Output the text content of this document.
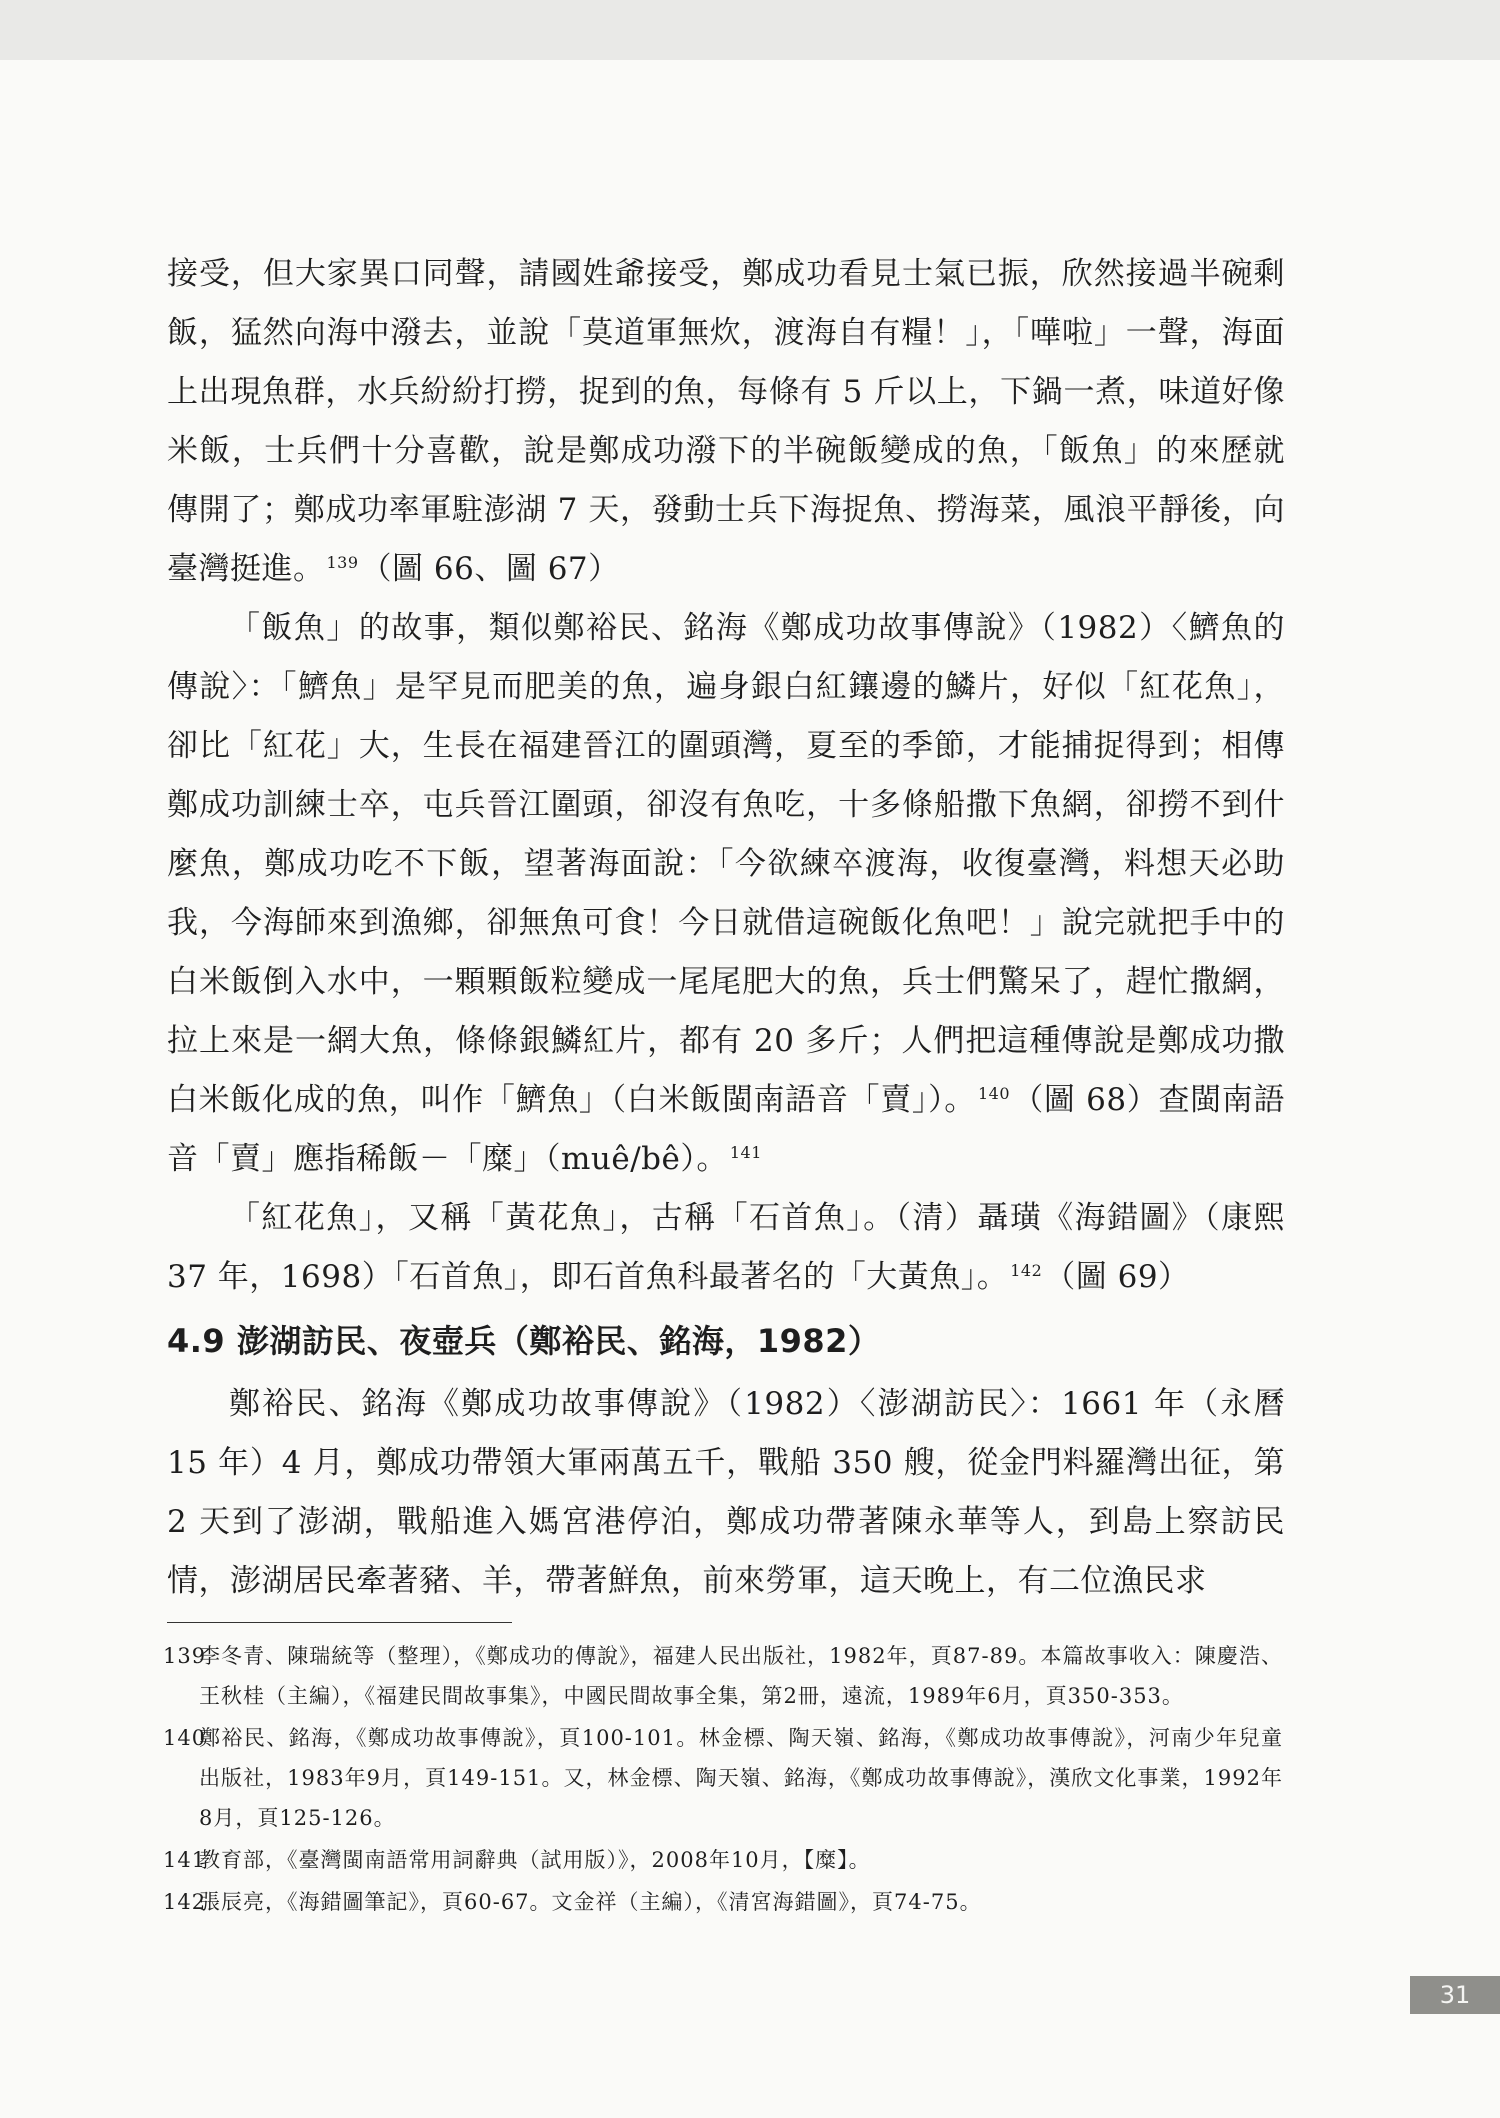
接受，但大家異口同聲，請國姓爺接受，鄭成功看見士氣已振，欣然接過半碗剩飯，猛然向海中潑去，並說「莫道軍無炊，渡海自有糧！」，「嘩啦」一聲，海面上出現魚群，水兵紛紛打撈，捉到的魚，每條有 5 斤以上，下鍋一煮，味道好像米飯，士兵們十分喜歡，說是鄭成功潑下的半碗飯變成的魚，「飯魚」的來歷就傳開了；鄭成功率軍駐澎湖 7 天，發動士兵下海捉魚、撈海菜，風浪平靜後，向臺灣挺進。 $^{139}$（圖 66、圖 67）

「飯魚」的故事，類似鄭裕民、銘海《鄭成功故事傳說》（1982）〈鱭魚的傳說〉：「鱭魚」是罕見而肥美的魚，遍身銀白紅鑲邊的鱗片，好似「紅花魚」，卻比「紅花」大，生長在福建晉江的圍頭灣，夏至的季節，才能捕捉得到；相傳鄭成功訓練士卒，屯兵晉江圍頭，卻沒有魚吃，十多條船撒下魚網，卻撈不到什麼魚，鄭成功吃不下飯，望著海面說：「今欲練卒渡海，收復臺灣，料想天必助我，今海師來到漁鄉，卻無魚可食！今日就借這碗飯化魚吧！」說完就把手中的白米飯倒入水中，一顆顆飯粒變成一尾尾肥大的魚，兵士們驚呆了，趕忙撒網，拉上來是一網大魚，條條銀鱗紅片，都有 20 多斤；人們把這種傳說是鄭成功撒白米飯化成的魚，叫作「鱭魚」（白米飯閩南語音「賣」）。 $^{140}$（圖 68）查閩南語音「賣」應指稀飯－「糜」（muê/bê）。 $^{141}$

「紅花魚」，又稱「黃花魚」，古稱「石首魚」。（清）聶璜《海錯圖》（康熙 37 年，1698）「石首魚」，即石首魚科最著名的「大黃魚」。 $^{142}$（圖 69）

4.9 澎湖訪民、夜壺兵（鄭裕民、銘海，1982）

鄭裕民、銘海《鄭成功故事傳說》（1982）〈澎湖訪民〉：1661 年（永曆 15 年）4 月，鄭成功帶領大軍兩萬五千，戰船 350 艘，從金門料羅灣出征，第 2 天到了澎湖，戰船進入媽宮港停泊，鄭成功帶著陳永華等人，到島上察訪民情，澎湖居民牽著豬、羊，帶著鮮魚，前來勞軍，這天晚上，有二位漁民求

139
李冬青、陳瑞統等（整理），《鄭成功的傳說》，福建人民出版社，1982年，頁87-89。本篇故事收入：陳慶浩、王秋桂（主編），《福建民間故事集》，中國民間故事全集，第2冊，遠流，1989年6月，頁350-353。
140
鄭裕民、銘海，《鄭成功故事傳說》，頁100-101。林金標、陶天嶺、銘海，《鄭成功故事傳說》，河南少年兒童出版社，1983年9月，頁149-151。又，林金標、陶天嶺、銘海，《鄭成功故事傳說》，漢欣文化事業，1992年8月，頁125-126。
141
教育部，《臺灣閩南語常用詞辭典（試用版）》，2008年10月，【糜】。
142
張辰亮，《海錯圖筆記》，頁60-67。文金祥（主編），《清宮海錯圖》，頁74-75。
31
